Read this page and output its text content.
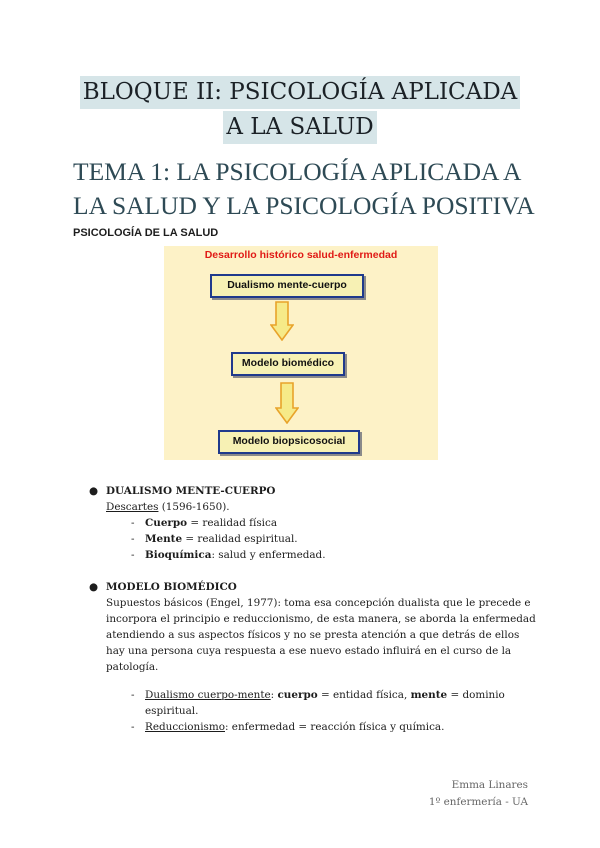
BLOQUE II: PSICOLOGÍA APLICADA
A LA SALUD
TEMA 1: LA PSICOLOGÍA APLICADA A
LA SALUD Y LA PSICOLOGÍA POSITIVA
PSICOLOGÍA DE LA SALUD
Desarrollo histórico salud-enfermedad
Dualismo mente-cuerpo
Modelo biomédico
Modelo biopsicosocial
● DUALISMO MENTE-CUERPO
Descartes (1596-1650).
- Cuerpo = realidad física
- Mente = realidad espiritual.
- Bioquímica: salud y enfermedad.
● MODELO BIOMÉDICO
Supuestos básicos (Engel, 1977): toma esa concepción dualista que le precede e
incorpora el principio e reduccionismo, de esta manera, se aborda la enfermedad
atendiendo a sus aspectos físicos y no se presta atención a que detrás de ellos
hay una persona cuya respuesta a ese nuevo estado influirá en el curso de la
patología.
- Dualismo cuerpo-mente: cuerpo = entidad física, mente = dominio
espiritual.
- Reduccionismo: enfermedad = reacción física y química.
Emma Linares
1º enfermería - UA
